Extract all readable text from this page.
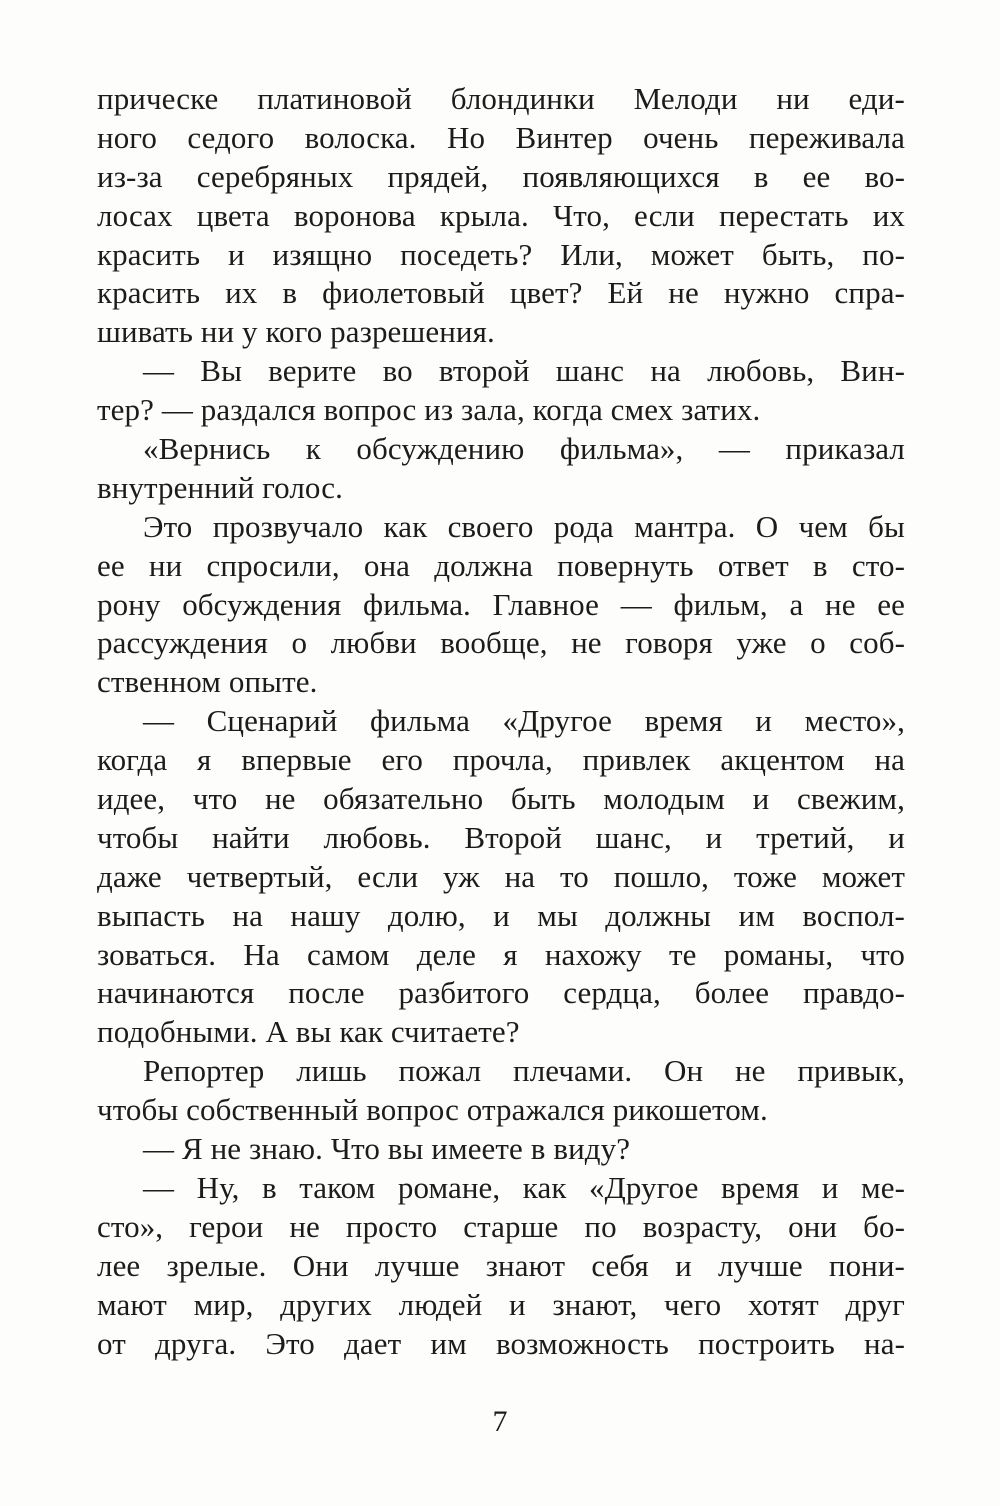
прическе платиновой блондинки Мелоди ни еди-
ного седого волоска. Но Винтер очень переживала
из-за серебряных прядей, появляющихся в ее во-
лосах цвета воронова крыла. Что, если перестать их
красить и изящно поседеть? Или, может быть, по-
красить их в фиолетовый цвет? Ей не нужно спра-
шивать ни у кого разрешения.
— Вы верите во второй шанс на любовь, Вин-
тер? — раздался вопрос из зала, когда смех затих.
«Вернись к обсуждению фильма», — приказал
внутренний голос.
Это прозвучало как своего рода мантра. О чем бы
ее ни спросили, она должна повернуть ответ в сто-
рону обсуждения фильма. Главное — фильм, а не ее
рассуждения о любви вообще, не говоря уже о соб-
ственном опыте.
— Сценарий фильма «Другое время и место»,
когда я впервые его прочла, привлек акцентом на
идее, что не обязательно быть молодым и свежим,
чтобы найти любовь. Второй шанс, и третий, и
даже четвертый, если уж на то пошло, тоже может
выпасть на нашу долю, и мы должны им воспол-
зоваться. На самом деле я нахожу те романы, что
начинаются после разбитого сердца, более правдо-
подобными. А вы как считаете?
Репортер лишь пожал плечами. Он не привык,
чтобы собственный вопрос отражался рикошетом.
— Я не знаю. Что вы имеете в виду?
— Ну, в таком романе, как «Другое время и ме-
сто», герои не просто старше по возрасту, они бо-
лее зрелые. Они лучше знают себя и лучше пони-
мают мир, других людей и знают, чего хотят друг
от друга. Это дает им возможность построить на-
7
